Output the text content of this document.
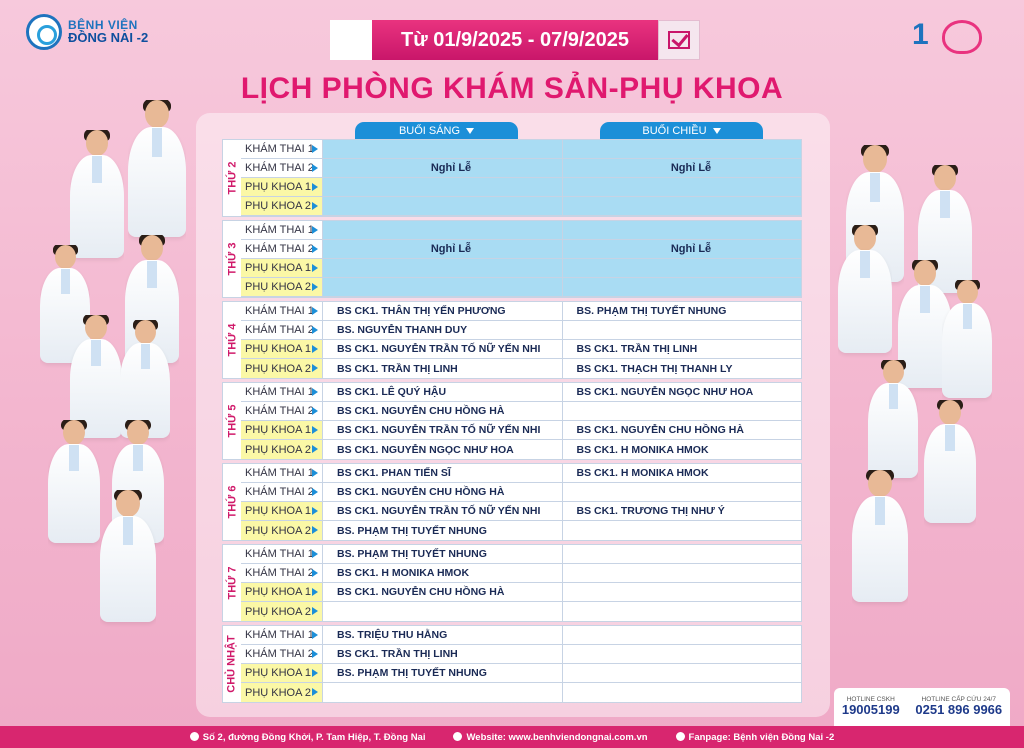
BỆNH VIỆN
ĐỒNG NAI -2	Từ 01/9/2025 - 07/9/2025	1
LỊCH PHÒNG KHÁM SẢN-PHỤ KHOA
BUỔI SÁNG	BUỔI CHIỀU
THỨ 2
KHÁM THAI 1
KHÁM THAI 2
PHỤ KHOA 1
PHỤ KHOA 2
Nghỉ Lễ	Nghỉ Lễ
THỨ 3
KHÁM THAI 1
KHÁM THAI 2
PHỤ KHOA 1
PHỤ KHOA 2
Nghỉ Lễ	Nghỉ Lễ
THỨ 4
KHÁM THAI 1	BS CK1. THÂN THỊ YẾN PHƯƠNG	BS. PHẠM THỊ TUYẾT NHUNG
KHÁM THAI 2	BS. NGUYỄN THANH DUY
PHỤ KHOA 1	BS CK1. NGUYỄN TRẦN TỐ NỮ YẾN NHI	BS CK1. TRẦN THỊ LINH
PHỤ KHOA 2	BS CK1. TRẦN THỊ LINH	BS CK1. THẠCH THỊ THANH LY
THỨ 5
KHÁM THAI 1	BS CK1. LÊ QUÝ HẬU	BS CK1. NGUYỄN NGỌC NHƯ HOA
KHÁM THAI 2	BS CK1. NGUYỄN CHU HỒNG HÀ
PHỤ KHOA 1	BS CK1. NGUYỄN TRẦN TỐ NỮ YẾN NHI	BS CK1. NGUYỄN CHU HỒNG HÀ
PHỤ KHOA 2	BS CK1. NGUYỄN NGỌC NHƯ HOA	BS CK1. H MONIKA HMOK
THỨ 6
KHÁM THAI 1	BS CK1. PHAN TIẾN SĨ	BS CK1. H MONIKA HMOK
KHÁM THAI 2	BS CK1. NGUYỄN CHU HỒNG HÀ
PHỤ KHOA 1	BS CK1. NGUYỄN TRẦN TỐ NỮ YẾN NHI	BS CK1. TRƯƠNG THỊ NHƯ Ý
PHỤ KHOA 2	BS. PHẠM THỊ TUYẾT NHUNG
THỨ 7
KHÁM THAI 1	BS. PHẠM THỊ TUYẾT NHUNG
KHÁM THAI 2	BS CK1. H MONIKA HMOK
PHỤ KHOA 1	BS CK1. NGUYỄN CHU HỒNG HÀ
PHỤ KHOA 2
CHỦ NHẬT
KHÁM THAI 1	BS. TRIỆU THU HẰNG
KHÁM THAI 2	BS CK1. TRẦN THỊ LINH
PHỤ KHOA 1	BS. PHẠM THỊ TUYẾT NHUNG
PHỤ KHOA 2
HOTLINE CSKH
19005199
HOTLINE CẤP CỨU 24/7
0251 896 9966
Số 2, đường Đồng Khởi, P. Tam Hiệp, T. Đồng Nai	Website: www.benhviendongnai.com.vn	Fanpage: Bệnh viện Đồng Nai -2
